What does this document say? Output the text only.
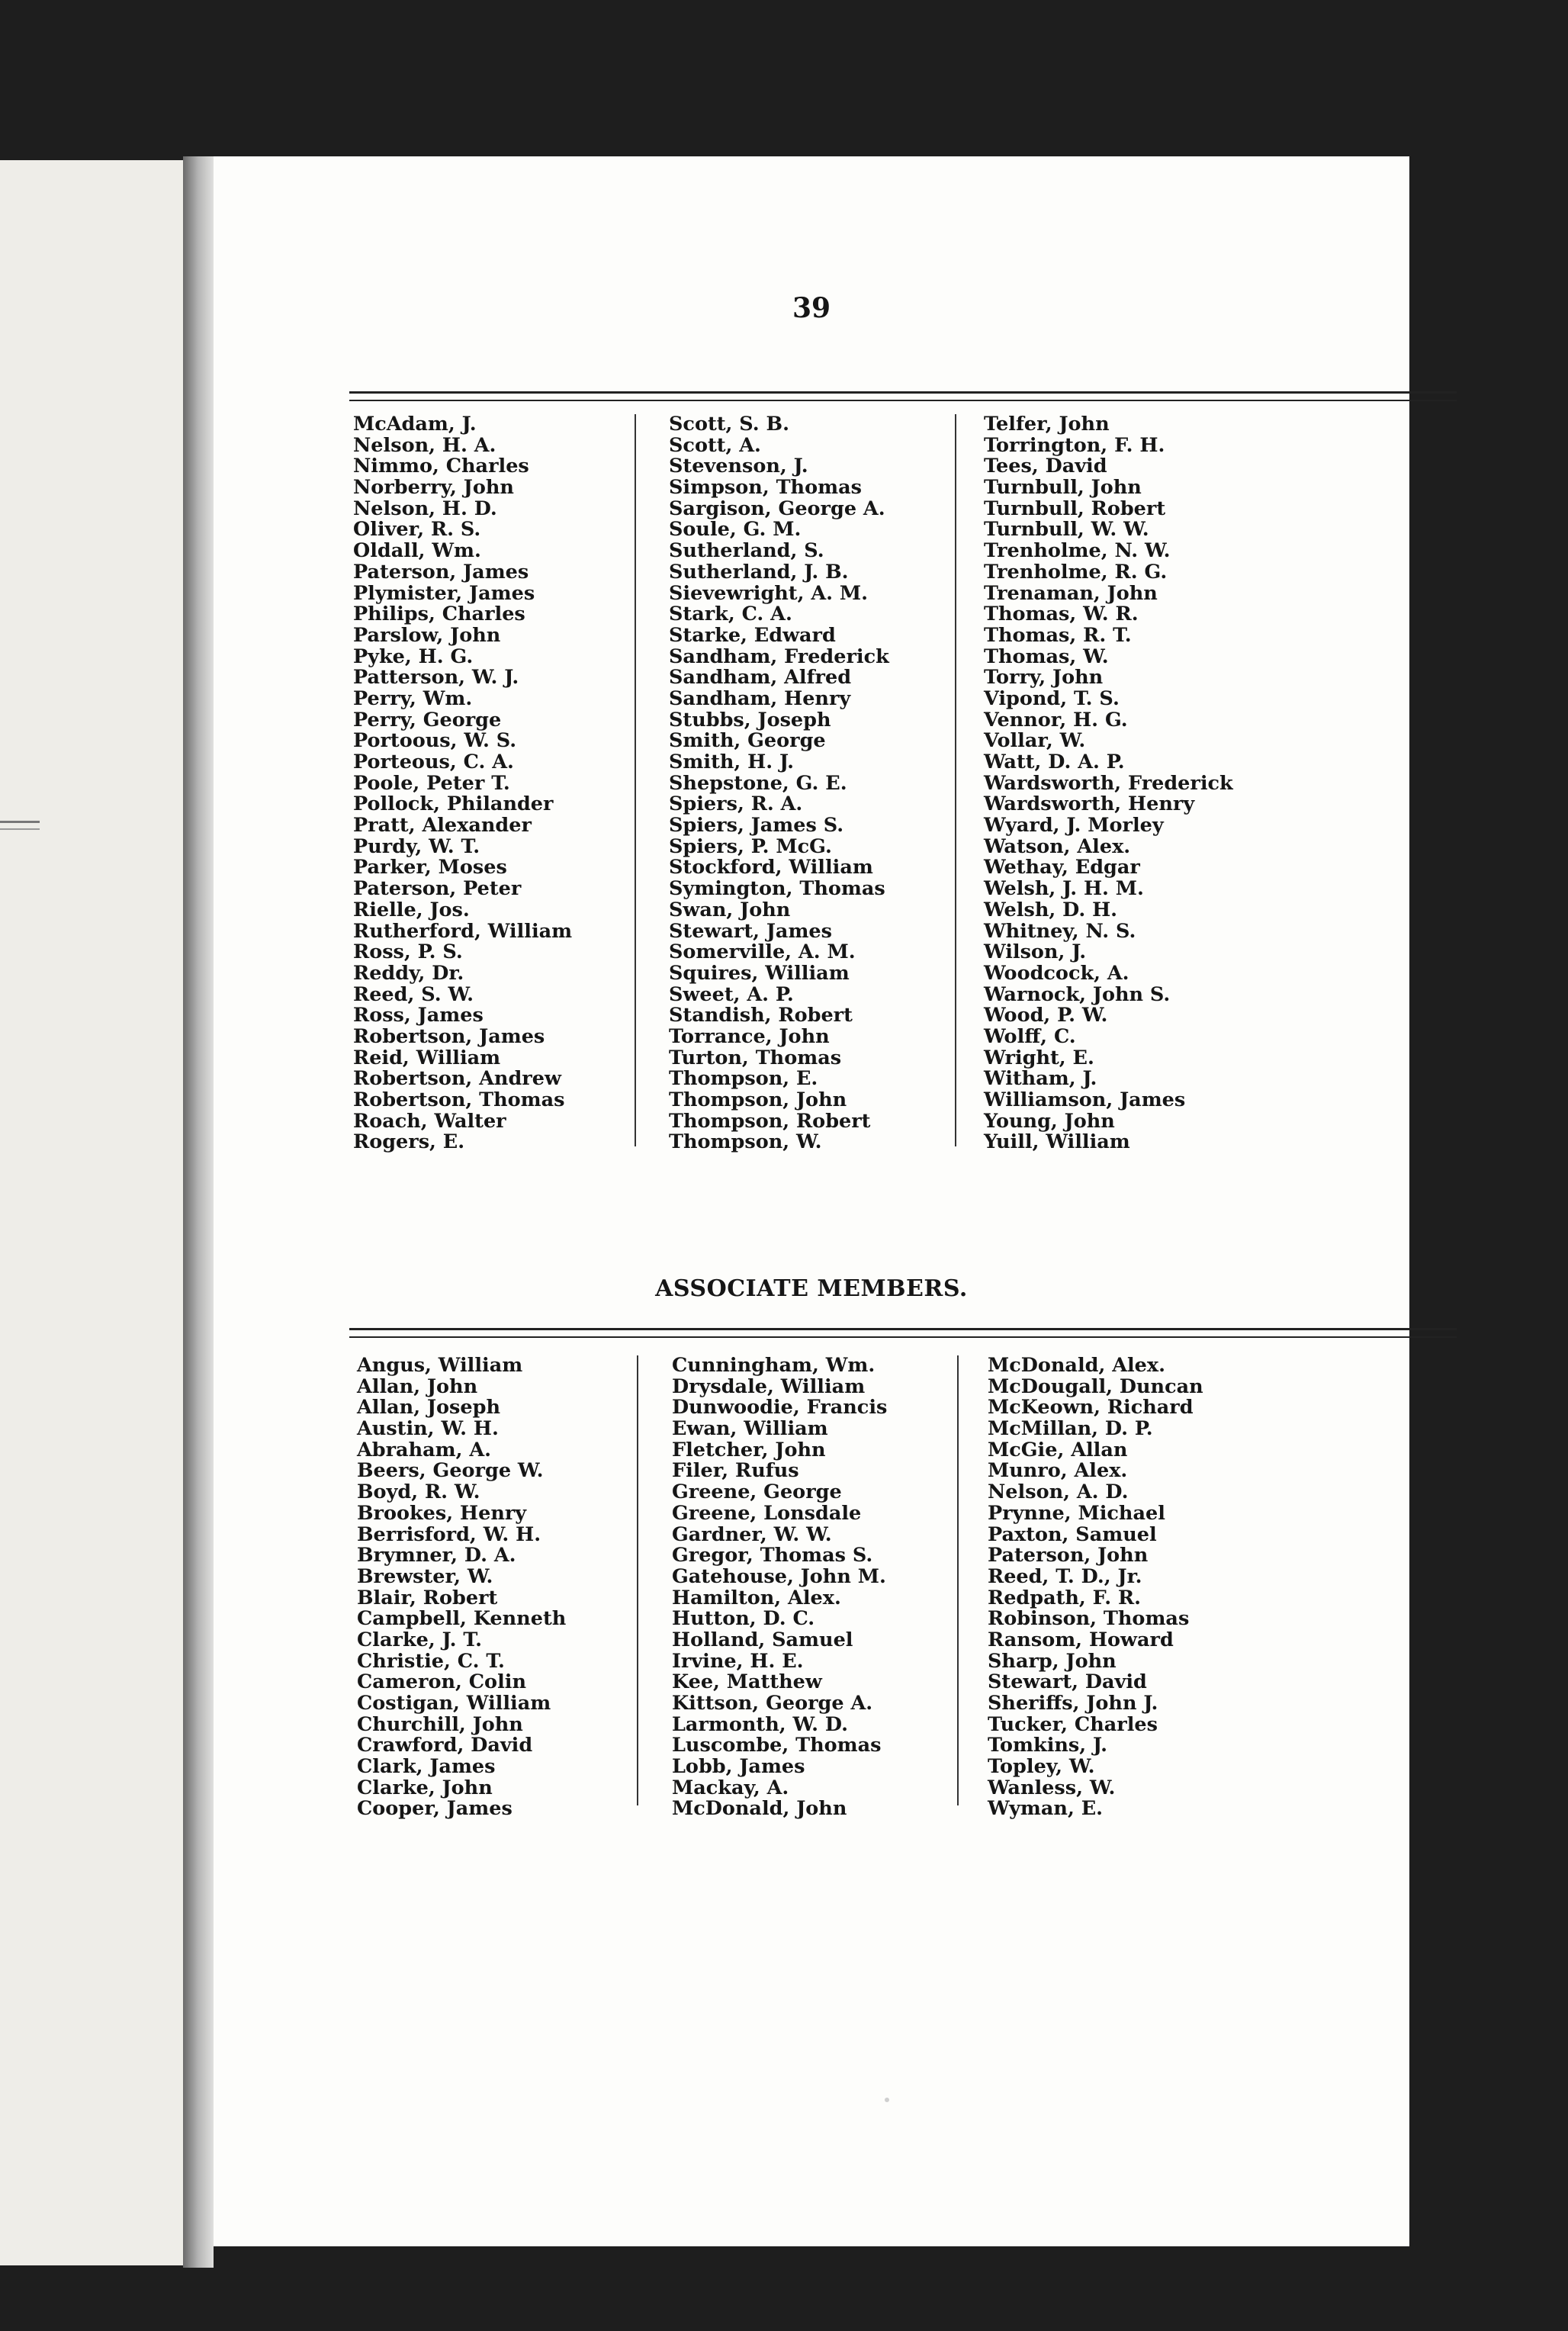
39
McAdam, J.
Nelson, H. A.
Nimmo, Charles
Norberry, John
Nelson, H. D.
Oliver, R. S.
Oldall, Wm.
Paterson, James
Plymister, James
Philips, Charles
Parslow, John
Pyke, H. G.
Patterson, W. J.
Perry, Wm.
Perry, George
Portoous, W. S.
Porteous, C. A.
Poole, Peter T.
Pollock, Philander
Pratt, Alexander
Purdy, W. T.
Parker, Moses
Paterson, Peter
Rielle, Jos.
Rutherford, William
Ross, P. S.
Reddy, Dr.
Reed, S. W.
Ross, James
Robertson, James
Reid, William
Robertson, Andrew
Robertson, Thomas
Roach, Walter
Rogers, E.
Scott, S. B.
Scott, A.
Stevenson, J.
Simpson, Thomas
Sargison, George A.
Soule, G. M.
Sutherland, S.
Sutherland, J. B.
Sievewright, A. M.
Stark, C. A.
Starke, Edward
Sandham, Frederick
Sandham, Alfred
Sandham, Henry
Stubbs, Joseph
Smith, George
Smith, H. J.
Shepstone, G. E.
Spiers, R. A.
Spiers, James S.
Spiers, P. McG.
Stockford, William
Symington, Thomas
Swan, John
Stewart, James
Somerville, A. M.
Squires, William
Sweet, A. P.
Standish, Robert
Torrance, John
Turton, Thomas
Thompson, E.
Thompson, John
Thompson, Robert
Thompson, W.
Telfer, John
Torrington, F. H.
Tees, David
Turnbull, John
Turnbull, Robert
Turnbull, W. W.
Trenholme, N. W.
Trenholme, R. G.
Trenaman, John
Thomas, W. R.
Thomas, R. T.
Thomas, W.
Torry, John
Vipond, T. S.
Vennor, H. G.
Vollar, W.
Watt, D. A. P.
Wardsworth, Frederick
Wardsworth, Henry
Wyard, J. Morley
Watson, Alex.
Wethay, Edgar
Welsh, J. H. M.
Welsh, D. H.
Whitney, N. S.
Wilson, J.
Woodcock, A.
Warnock, John S.
Wood, P. W.
Wolff, C.
Wright, E.
Witham, J.
Williamson, James
Young, John
Yuill, William
ASSOCIATE MEMBERS.
Angus, William
Allan, John
Allan, Joseph
Austin, W. H.
Abraham, A.
Beers, George W.
Boyd, R. W.
Brookes, Henry
Berrisford, W. H.
Brymner, D. A.
Brewster, W.
Blair, Robert
Campbell, Kenneth
Clarke, J. T.
Christie, C. T.
Cameron, Colin
Costigan, William
Churchill, John
Crawford, David
Clark, James
Clarke, John
Cooper, James
Cunningham, Wm.
Drysdale, William
Dunwoodie, Francis
Ewan, William
Fletcher, John
Filer, Rufus
Greene, George
Greene, Lonsdale
Gardner, W. W.
Gregor, Thomas S.
Gatehouse, John M.
Hamilton, Alex.
Hutton, D. C.
Holland, Samuel
Irvine, H. E.
Kee, Matthew
Kittson, George A.
Larmonth, W. D.
Luscombe, Thomas
Lobb, James
Mackay, A.
McDonald, John
McDonald, Alex.
McDougall, Duncan
McKeown, Richard
McMillan, D. P.
McGie, Allan
Munro, Alex.
Nelson, A. D.
Prynne, Michael
Paxton, Samuel
Paterson, John
Reed, T. D., Jr.
Redpath, F. R.
Robinson, Thomas
Ransom, Howard
Sharp, John
Stewart, David
Sheriffs, John J.
Tucker, Charles
Tomkins, J.
Topley, W.
Wanless, W.
Wyman, E.
